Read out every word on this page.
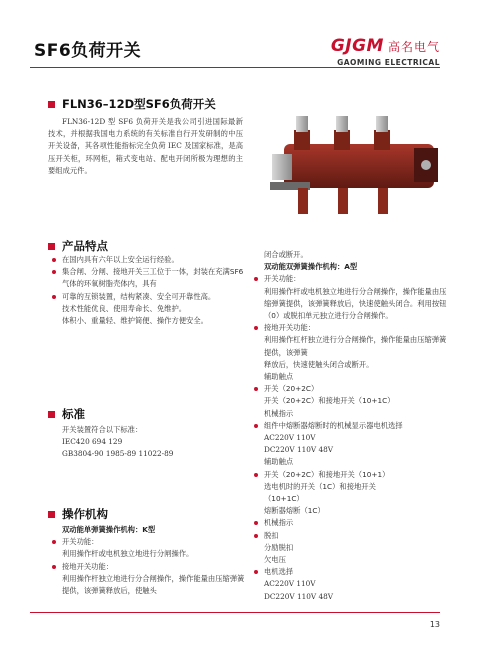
SF6负荷开关	GJGM 高名电气
GAOMING ELECTRICAL
FLN36–12D型SF6负荷开关
FLN36-12D 型 SF6 负荷开关是我公司引进国际最新技术，并根据我国电力系统的有关标准自行开发研制的中压开关设备，其各项性能指标完全负荷 IEC 及国家标准，是高压开关柜，环网柜，箱式变电站、配电开闭所极为理想的主要组成元件。
产品特点
在国内具有六年以上安全运行经验。
集合闸、分闸、接地开关三工位于一体，封装在充满SF6气体的环氧树脂壳体内，具有
可靠的互锁装置，结构紧凑、安全可开靠性高。
技术性能优良、使用寿命长、免维护。
体积小、重量轻、维护简便、操作方便安全。
标准
开关装置符合以下标准：
IEC420 694 129
GB3804-90 1985-89 11022-89
操作机构
双动能单弹簧操作机构：K型
开关功能：
利用操作杆或电机独立地进行分闸操作。
接地开关功能：
利用操作杆独立地进行分合闸操作，操作能量由压缩弹簧提供，该弹簧释放后，使触头
闭合或断开。
双动能双弹簧操作机构：A型
开关功能：
利用操作杆或电机独立地进行分合闸操作，操作能量由压缩弹簧提供，该弹簧释放后，快速使触头闭合。利用按钮（0）或脱扣单元独立进行分合闸操作。
接地开关功能：
利用操作杠杆独立进行分合闸操作，操作能量由压缩弹簧提供，该弹簧
释放后，快速使触头闭合或断开。
辅助触点
开关（20+2C）
开关（20+2C）和接地开关（10+1C）
机械指示
组件中熔断器熔断时的机械显示器电机选择
AC220V 110V
DC220V 110V 48V
辅助触点
开关（20+2C）和接地开关（10+1）
选电机时的开关（1C）和接地开关
（10+1C）
熔断器熔断（1C）
机械指示
脱扣
分励脱扣
欠电压
电机选择
AC220V 110V
DC220V 110V 48V
13
